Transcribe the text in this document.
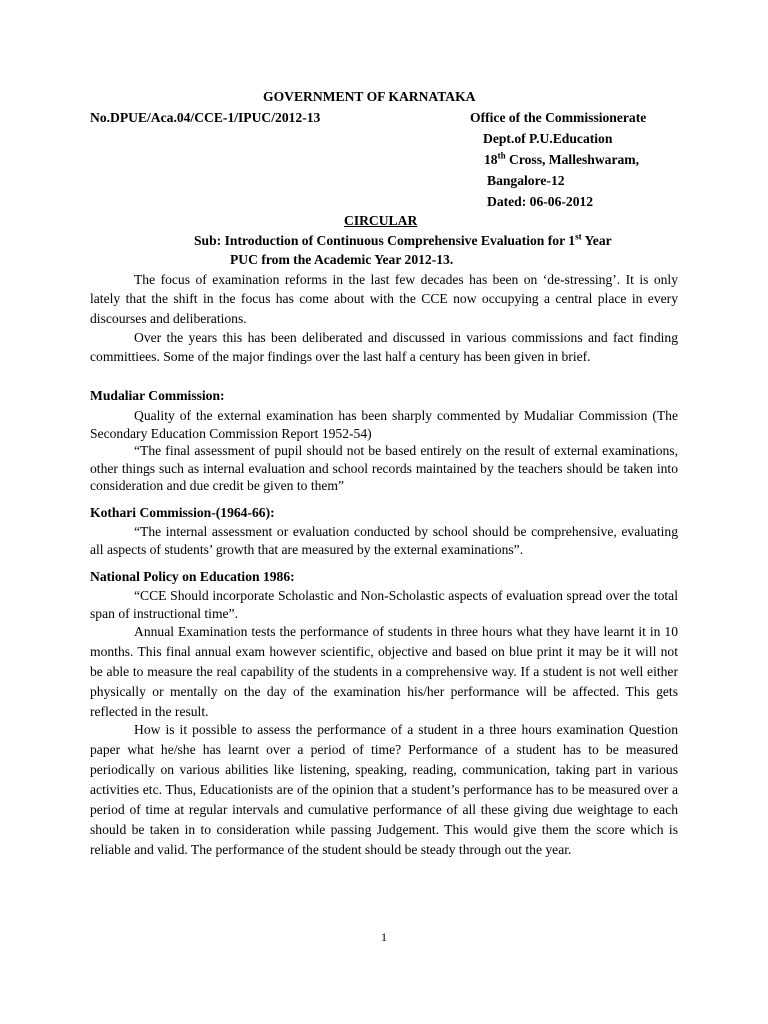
GOVERNMENT OF KARNATAKA
No.DPUE/Aca.04/CCE-1/IPUC/2012-13	Office of the Commissionerate
Dept.of P.U.Education
18th Cross, Malleshwaram,
Bangalore-12
Dated: 06-06-2012
CIRCULAR
Sub: Introduction of Continuous Comprehensive Evaluation for 1st Year
PUC from the Academic Year 2012-13.
The focus of examination reforms in the last few decades has been on ‘de-stressing’. It is only lately that the shift in the focus has come about with the CCE now occupying a central place in every discourses and deliberations.
Over the years this has been deliberated and discussed in various commissions and fact finding committiees. Some of the major findings over the last half a century has been given in brief.
Mudaliar Commission:
Quality of the external examination has been sharply commented by Mudaliar Commission (The Secondary Education Commission Report 1952-54)
“The final assessment of pupil should not be based entirely on the result of external examinations, other things such as internal evaluation and school records maintained by the teachers should be taken into consideration and due credit be given to them”
Kothari Commission-(1964-66):
“The internal assessment or evaluation conducted by school should be comprehensive, evaluating all aspects of students’ growth that are measured by the external examinations”.
National Policy on Education 1986:
“CCE Should incorporate Scholastic and Non-Scholastic aspects of evaluation spread over the total span of instructional time”.
Annual Examination tests the performance of students in three hours what they have learnt it in 10 months. This final annual exam however scientific, objective and based on blue print it may be it will not be able to measure the real capability of the students in a comprehensive way. If a student is not well either physically or mentally on the day of the examination his/her performance will be affected. This gets reflected in the result.
How is it possible to assess the performance of a student in a three hours examination Question paper what he/she has learnt over a period of time? Performance of a student has to be measured periodically on various abilities like listening, speaking, reading, communication, taking part in various activities etc. Thus, Educationists are of the opinion that a student’s performance has to be measured over a period of time at regular intervals and cumulative performance of all these giving due weightage to each should be taken in to consideration while passing Judgement. This would give them the score which is reliable and valid. The performance of the student should be steady through out the year.
1
